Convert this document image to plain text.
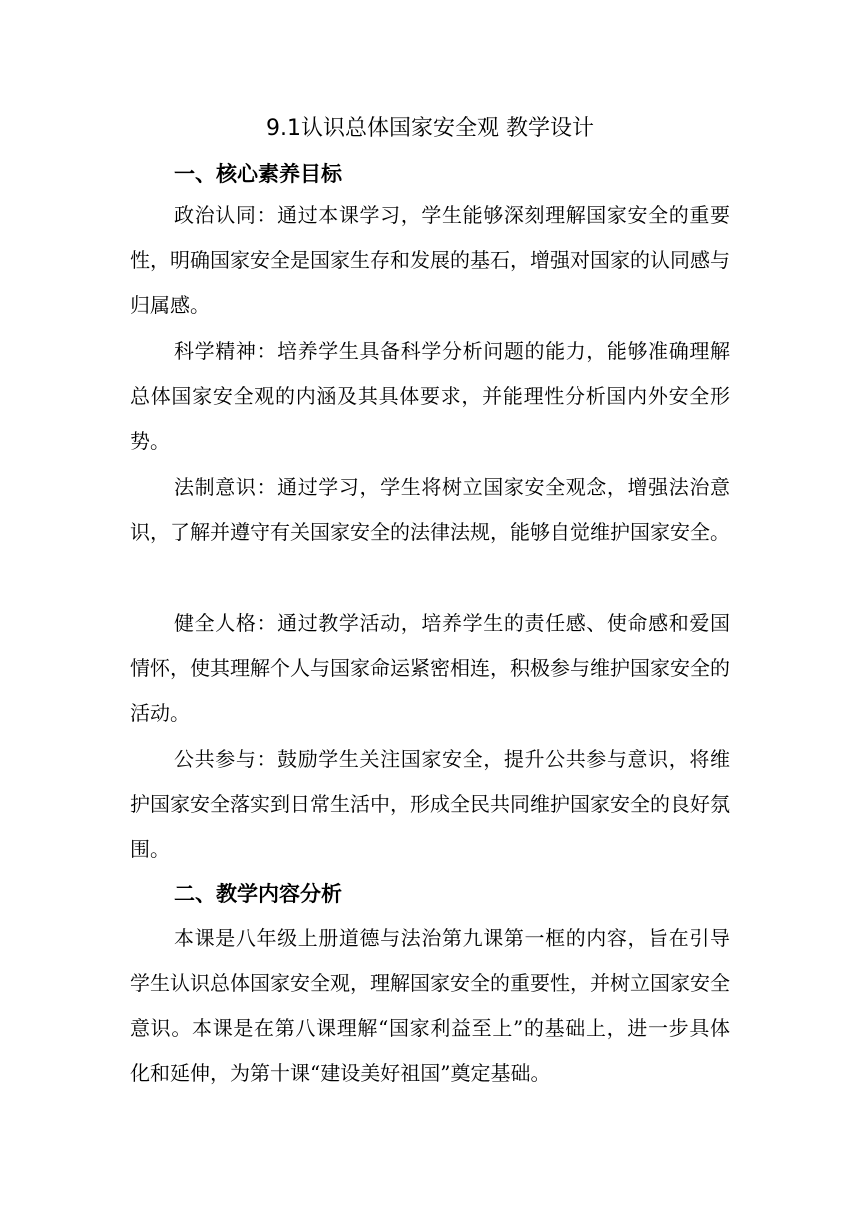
9.1认识总体国家安全观 教学设计
一、核心素养目标

政治认同：通过本课学习，学生能够深刻理解国家安全的重要性，明确国家安全是国家生存和发展的基石，增强对国家的认同感与归属感。

科学精神：培养学生具备科学分析问题的能力，能够准确理解总体国家安全观的内涵及其具体要求，并能理性分析国内外安全形势。

法制意识：通过学习，学生将树立国家安全观念，增强法治意识，了解并遵守有关国家安全的法律法规，能够自觉维护国家安全。

健全人格：通过教学活动，培养学生的责任感、使命感和爱国情怀，使其理解个人与国家命运紧密相连，积极参与维护国家安全的活动。

公共参与：鼓励学生关注国家安全，提升公共参与意识，将维护国家安全落实到日常生活中，形成全民共同维护国家安全的良好氛围。

二、教学内容分析

本课是八年级上册道德与法治第九课第一框的内容，旨在引导学生认识总体国家安全观，理解国家安全的重要性，并树立国家安全意识。本课是在第八课理解“国家利益至上”的基础上，进一步具体化和延伸，为第十课“建设美好祖国”奠定基础。
